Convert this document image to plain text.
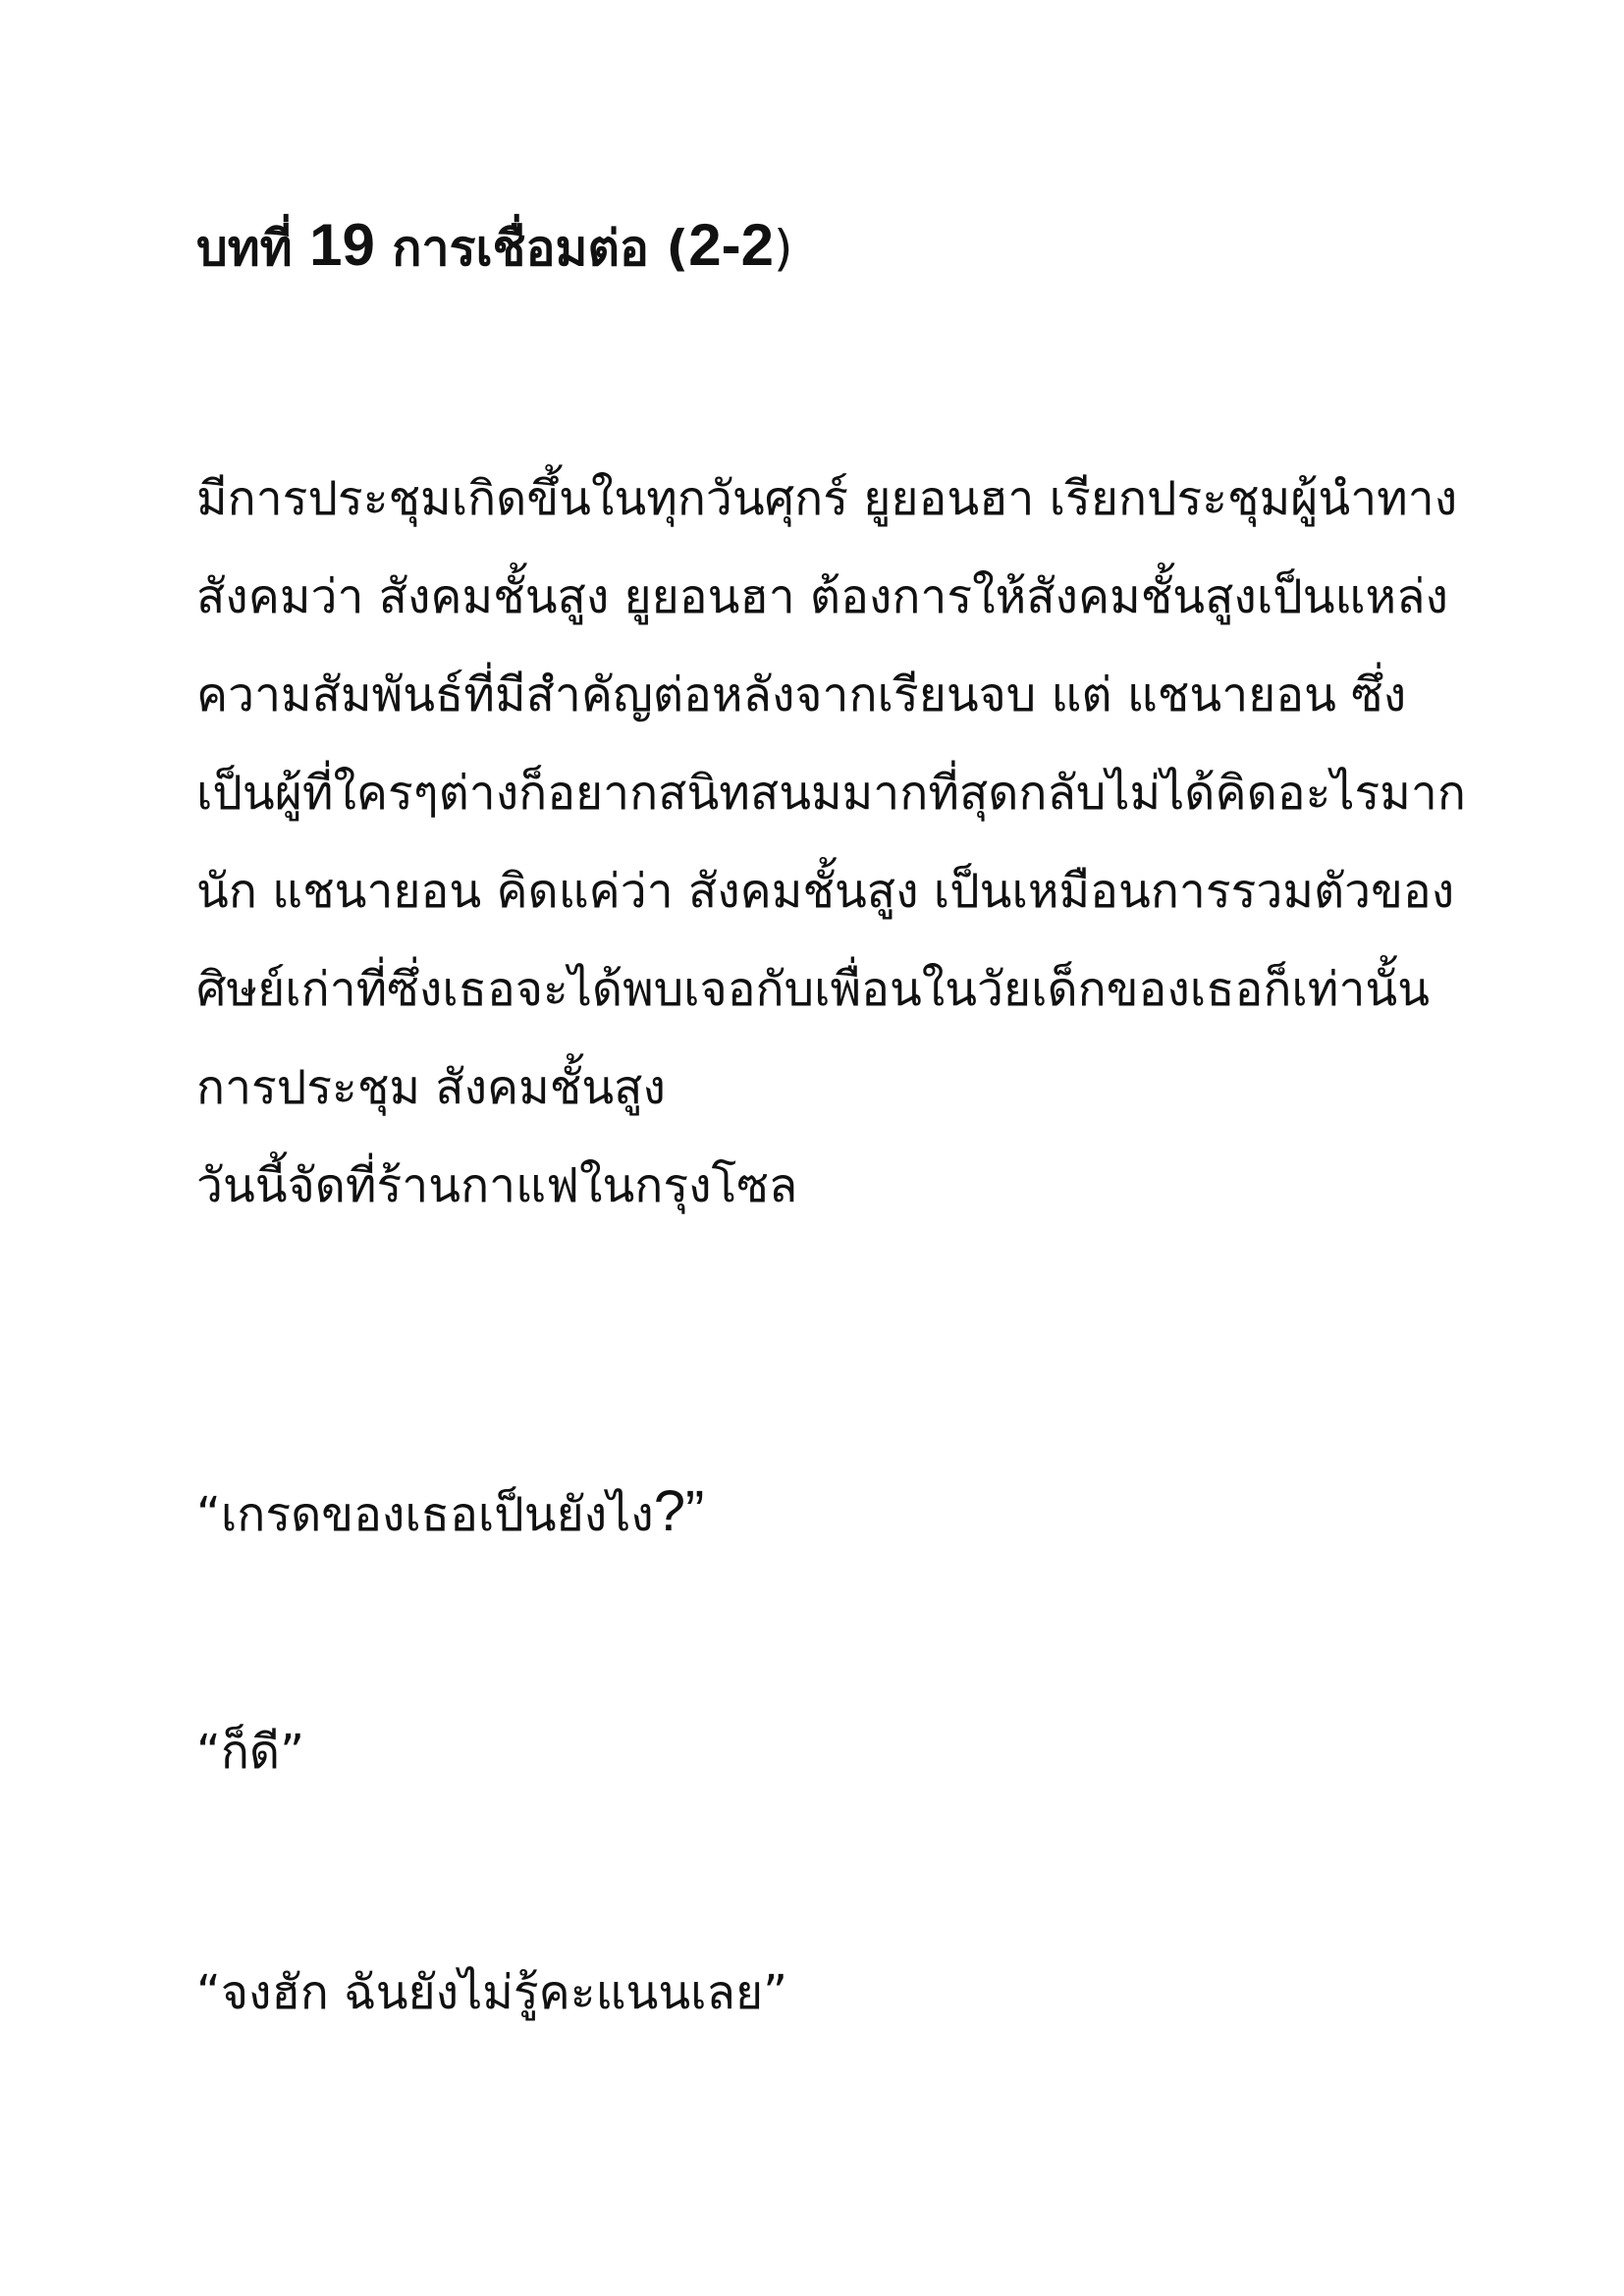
บทที่ 19 การเชื่อมต่อ (2-2)
มีการประชุมเกิดขึ้นในทุกวันศุกร์ ยูยอนฮา เรียกประชุมผู้นำทาง
สังคมว่า สังคมชั้นสูง ยูยอนฮา ต้องการให้สังคมชั้นสูงเป็นแหล่ง
ความสัมพันธ์ที่มีสำคัญต่อหลังจากเรียนจบ แต่ แชนายอน ซึ่ง
เป็นผู้ที่ใครๆต่างก็อยากสนิทสนมมากที่สุดกลับไม่ได้คิดอะไรมาก
นัก แชนายอน คิดแค่ว่า สังคมชั้นสูง เป็นเหมือนการรวมตัวของ
ศิษย์เก่าที่ซึ่งเธอจะได้พบเจอกับเพื่อนในวัยเด็กของเธอก็เท่านั้น
การประชุม สังคมชั้นสูง
วันนี้จัดที่ร้านกาแฟในกรุงโซล

“เกรดของเธอเป็นยังไง?”

“ก็ดี”

“จงฮัก ฉันยังไม่รู้คะแนนเลย”
